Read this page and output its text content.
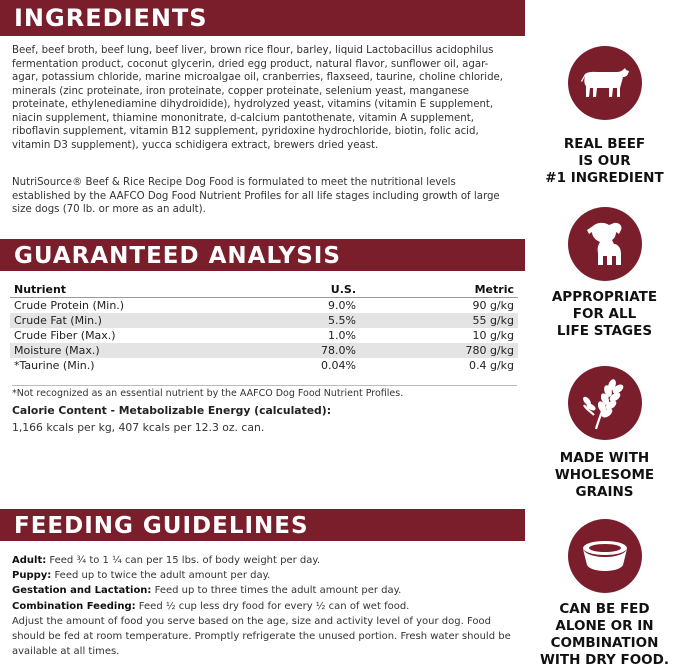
INGREDIENTS
Beef, beef broth, beef lung, beef liver, brown rice flour, barley, liquid Lactobacillus acidophilus fermentation product, coconut glycerin, dried egg product, natural flavor, sunflower oil, agar-agar, potassium chloride, marine microalgae oil, cranberries, flaxseed, taurine, choline chloride, minerals (zinc proteinate, iron proteinate, copper proteinate, selenium yeast, manganese proteinate, ethylenediamine dihydroidide), hydrolyzed yeast, vitamins (vitamin E supplement, niacin supplement, thiamine mononitrate, d-calcium pantothenate, vitamin A supplement, riboflavin supplement, vitamin B12 supplement, pyridoxine hydrochloride, biotin, folic acid, vitamin D3 supplement), yucca schidigera extract, brewers dried yeast.
NutriSource® Beef & Rice Recipe Dog Food is formulated to meet the nutritional levels established by the AAFCO Dog Food Nutrient Profiles for all life stages including growth of large size dogs (70 lb. or more as an adult).
GUARANTEED ANALYSIS
Nutrient	U.S.	Metric
Crude Protein (Min.)	9.0%	90 g/kg
Crude Fat (Min.)	5.5%	55 g/kg
Crude Fiber (Max.)	1.0%	10 g/kg
Moisture (Max.)	78.0%	780 g/kg
*Taurine (Min.)	0.04%	0.4 g/kg
*Not recognized as an essential nutrient by the AAFCO Dog Food Nutrient Profiles.
Calorie Content - Metabolizable Energy (calculated):
1,166 kcals per kg, 407 kcals per 12.3 oz. can.
FEEDING GUIDELINES
Adult: Feed ¾ to 1 ¼ can per 15 lbs. of body weight per day.
Puppy: Feed up to twice the adult amount per day.
Gestation and Lactation: Feed up to three times the adult amount per day.
Combination Feeding: Feed ½ cup less dry food for every ½ can of wet food.
Adjust the amount of food you serve based on the age, size and activity level of your dog. Food should be fed at room temperature. Promptly refrigerate the unused portion. Fresh water should be available at all times.
REAL BEEF
IS OUR
#1 INGREDIENT
APPROPRIATE
FOR ALL
LIFE STAGES
MADE WITH
WHOLESOME
GRAINS
CAN BE FED
ALONE OR IN
COMBINATION
WITH DRY FOOD.
